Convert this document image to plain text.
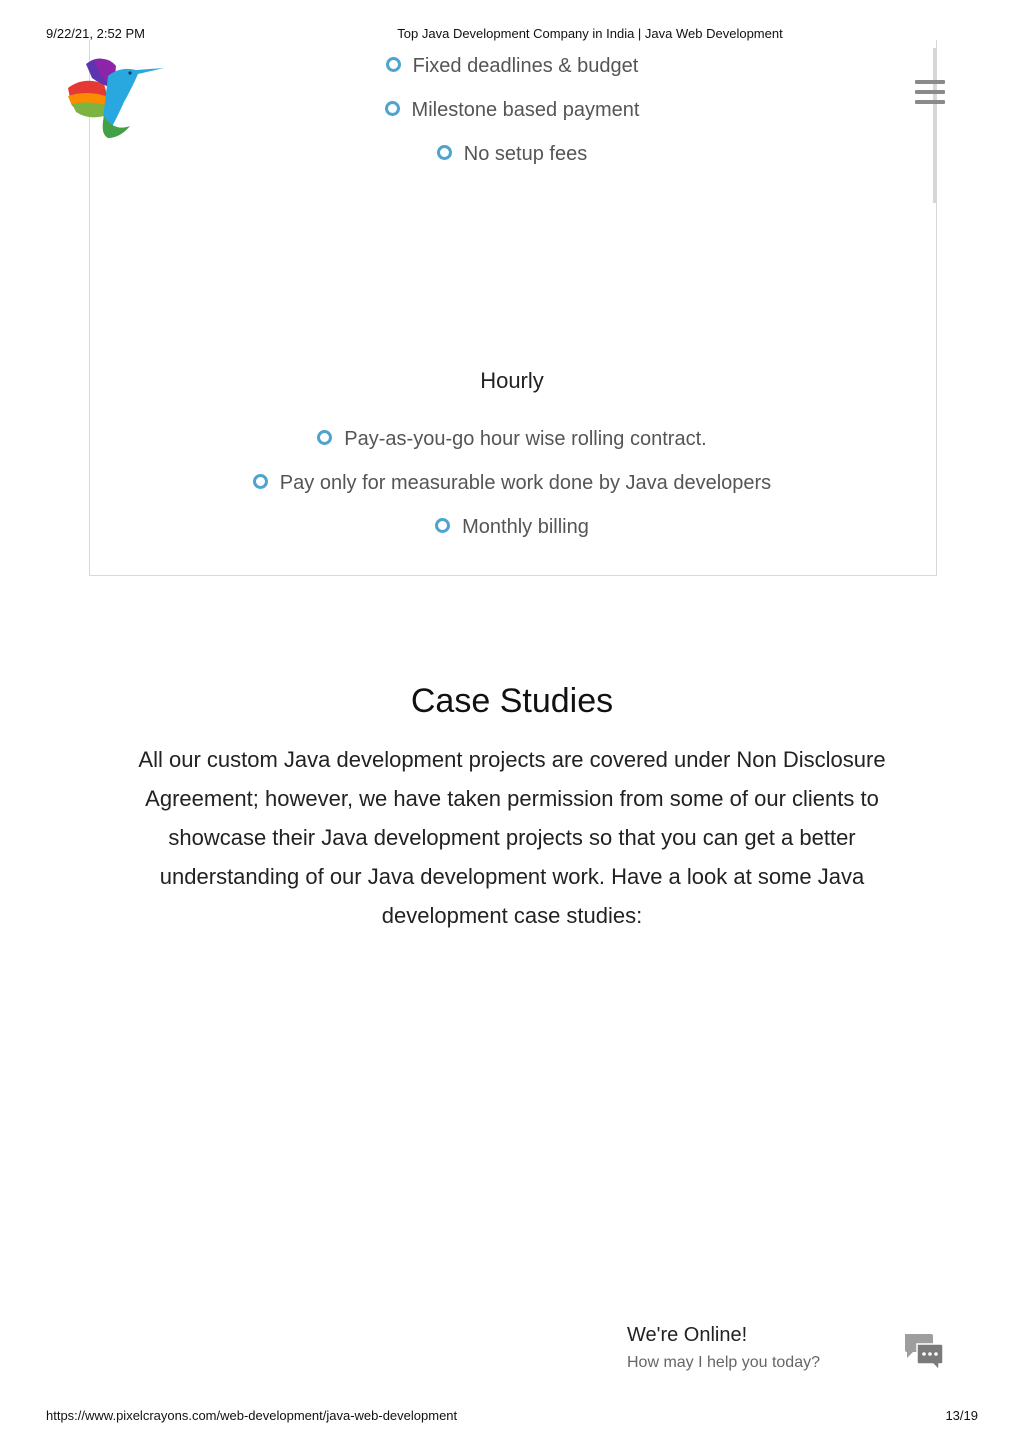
9/22/21, 2:52 PM	Top Java Development Company in India | Java Web Development
Fixed deadlines & budget
Milestone based payment
No setup fees
Hourly
Pay-as-you-go hour wise rolling contract.
Pay only for measurable work done by Java developers
Monthly billing
Case Studies

All our custom Java development projects are covered under Non Disclosure Agreement; however, we have taken permission from some of our clients to showcase their Java development projects so that you can get a better understanding of our Java development work. Have a look at some Java development case studies:

We're Online!
How may I help you today?
https://www.pixelcrayons.com/web-development/java-web-development	13/19
